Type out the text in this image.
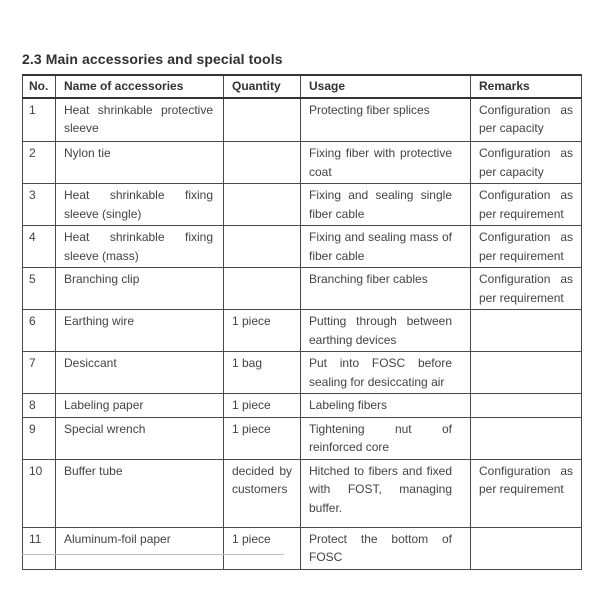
2.3 Main accessories and special tools
No.	Name of accessories	Quantity	Usage	Remarks
1	Heat shrinkable protective sleeve		Protecting fiber splices	Configuration as per capacity
2	Nylon tie		Fixing fiber with protective coat	Configuration as per capacity
3	Heat shrinkable fixing sleeve (single)		Fixing and sealing single fiber cable	Configuration as per requirement
4	Heat shrinkable fixing sleeve (mass)		Fixing and sealing mass of fiber cable	Configuration as per requirement
5	Branching clip		Branching fiber cables	Configuration as per requirement
6	Earthing wire	1 piece	Putting through between earthing devices	
7	Desiccant	1 bag	Put into FOSC before sealing for desiccating air	
8	Labeling paper	1 piece	Labeling fibers	
9	Special wrench	1 piece	Tightening nut of reinforced core	
10	Buffer tube	decided by customers	Hitched to fibers and fixed with FOST, managing buffer.	Configuration as per requirement
11	Aluminum-foil paper	1 piece	Protect the bottom of FOSC	
